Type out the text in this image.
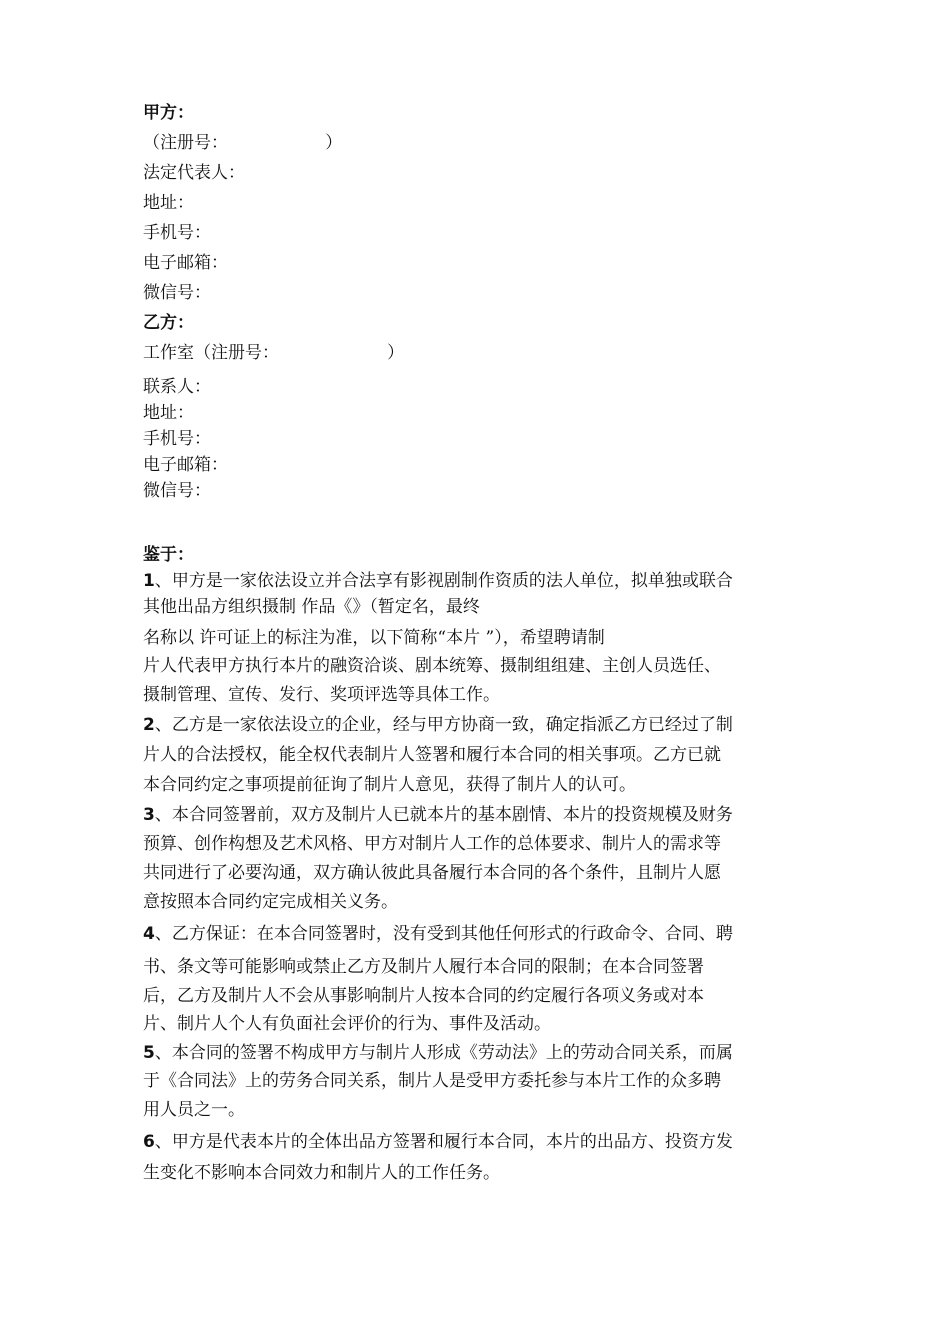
甲方：
（注册号：                  ）
法定代表人：
地址：
手机号：
电子邮箱：
微信号：
乙方：
工作室（注册号：                    ）
联系人：
地址：
手机号：
电子邮箱：
微信号：
鉴于：
1、甲方是一家依法设立并合法享有影视剧制作资质的法人单位，拟单独或联合
其他出品方组织摄制 作品《》（暂定名，最终
名称以 许可证上的标注为准，以下简称“本片 ”），希望聘请制
片人代表甲方执行本片的融资洽谈、剧本统筹、摄制组组建、主创人员选任、
摄制管理、宣传、发行、奖项评选等具体工作。
2、乙方是一家依法设立的企业，经与甲方协商一致，确定指派乙方已经过了制
片人的合法授权，能全权代表制片人签署和履行本合同的相关事项。乙方已就
本合同约定之事项提前征询了制片人意见，获得了制片人的认可。
3、本合同签署前，双方及制片人已就本片的基本剧情、本片的投资规模及财务
预算、创作构想及艺术风格、甲方对制片人工作的总体要求、制片人的需求等
共同进行了必要沟通，双方确认彼此具备履行本合同的各个条件，且制片人愿
意按照本合同约定完成相关义务。
4、乙方保证：在本合同签署时，没有受到其他任何形式的行政命令、合同、聘
书、条文等可能影响或禁止乙方及制片人履行本合同的限制；在本合同签署
后，乙方及制片人不会从事影响制片人按本合同的约定履行各项义务或对本
片、制片人个人有负面社会评价的行为、事件及活动。
5、本合同的签署不构成甲方与制片人形成《劳动法》上的劳动合同关系，而属
于《合同法》上的劳务合同关系，制片人是受甲方委托参与本片工作的众多聘
用人员之一。
6、甲方是代表本片的全体出品方签署和履行本合同，本片的出品方、投资方发
生变化不影响本合同效力和制片人的工作任务。
